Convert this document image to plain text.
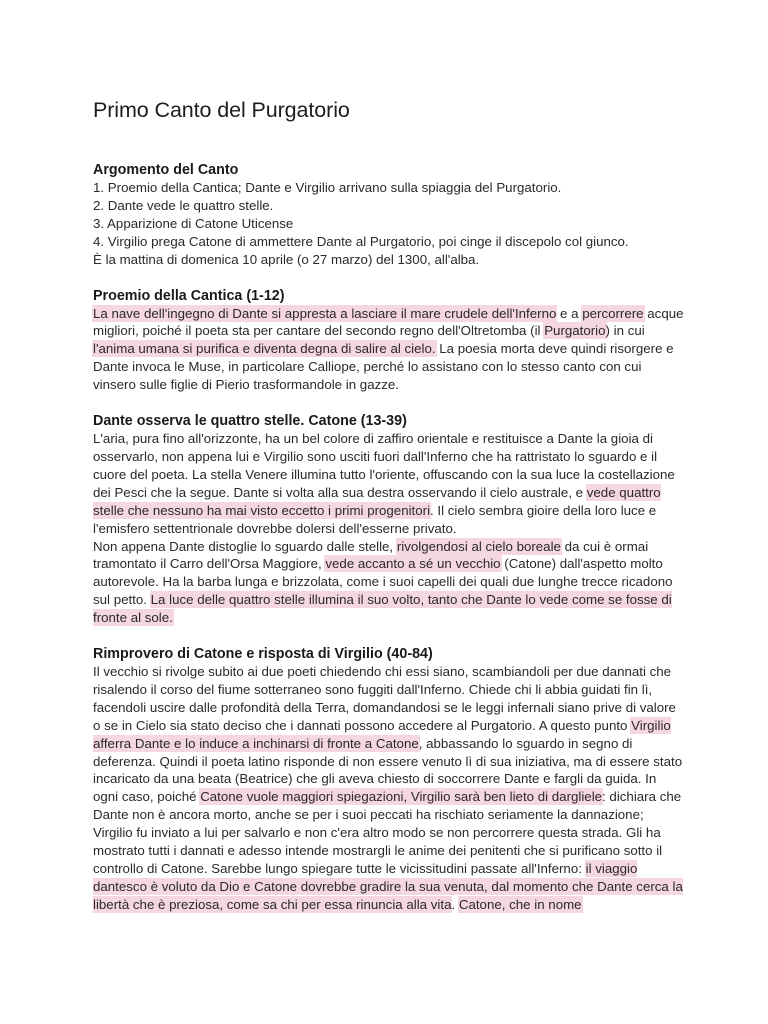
Primo Canto del Purgatorio
Argomento del Canto
1. Proemio della Cantica; Dante e Virgilio arrivano sulla spiaggia del Purgatorio.
2. Dante vede le quattro stelle.
3. Apparizione di Catone Uticense
4. Virgilio prega Catone di ammettere Dante al Purgatorio, poi cinge il discepolo col giunco.
È la mattina di domenica 10 aprile (o 27 marzo) del 1300, all'alba.
Proemio della Cantica (1-12)

La nave dell'ingegno di Dante si appresta a lasciare il mare crudele dell'Inferno e a percorrere acque migliori, poiché il poeta sta per cantare del secondo regno dell'Oltretomba (il Purgatorio) in cui l'anima umana si purifica e diventa degna di salire al cielo. La poesia morta deve quindi risorgere e Dante invoca le Muse, in particolare Calliope, perché lo assistano con lo stesso canto con cui vinsero sulle figlie di Pierio trasformandole in gazze.

Dante osserva le quattro stelle. Catone (13-39)

L'aria, pura fino all'orizzonte, ha un bel colore di zaffiro orientale e restituisce a Dante la gioia di osservarlo, non appena lui e Virgilio sono usciti fuori dall'Inferno che ha rattristato lo sguardo e il cuore del poeta. La stella Venere illumina tutto l'oriente, offuscando con la sua luce la costellazione dei Pesci che la segue. Dante si volta alla sua destra osservando il cielo australe, e vede quattro stelle che nessuno ha mai visto eccetto i primi progenitori. Il cielo sembra gioire della loro luce e l'emisfero settentrionale dovrebbe dolersi dell'esserne privato.

Non appena Dante distoglie lo sguardo dalle stelle, rivolgendosi al cielo boreale da cui è ormai tramontato il Carro dell'Orsa Maggiore, vede accanto a sé un vecchio (Catone) dall'aspetto molto autorevole. Ha la barba lunga e brizzolata, come i suoi capelli dei quali due lunghe trecce ricadono sul petto. La luce delle quattro stelle illumina il suo volto, tanto che Dante lo vede come se fosse di fronte al sole.

Rimprovero di Catone e risposta di Virgilio (40-84)

Il vecchio si rivolge subito ai due poeti chiedendo chi essi siano, scambiandoli per due dannati che risalendo il corso del fiume sotterraneo sono fuggiti dall'Inferno. Chiede chi li abbia guidati fin lì, facendoli uscire dalle profondità della Terra, domandandosi se le leggi infernali siano prive di valore o se in Cielo sia stato deciso che i dannati possono accedere al Purgatorio. A questo punto Virgilio afferra Dante e lo induce a inchinarsi di fronte a Catone, abbassando lo sguardo in segno di deferenza. Quindi il poeta latino risponde di non essere venuto lì di sua iniziativa, ma di essere stato incaricato da una beata (Beatrice) che gli aveva chiesto di soccorrere Dante e fargli da guida. In ogni caso, poiché Catone vuole maggiori spiegazioni, Virgilio sarà ben lieto di dargliele: dichiara che Dante non è ancora morto, anche se per i suoi peccati ha rischiato seriamente la dannazione; Virgilio fu inviato a lui per salvarlo e non c'era altro modo se non percorrere questa strada. Gli ha mostrato tutti i dannati e adesso intende mostrargli le anime dei penitenti che si purificano sotto il controllo di Catone. Sarebbe lungo spiegare tutte le vicissitudini passate all'Inferno: il viaggio dantesco è voluto da Dio e Catone dovrebbe gradire la sua venuta, dal momento che Dante cerca la libertà che è preziosa, come sa chi per essa rinuncia alla vita. Catone, che in nome
